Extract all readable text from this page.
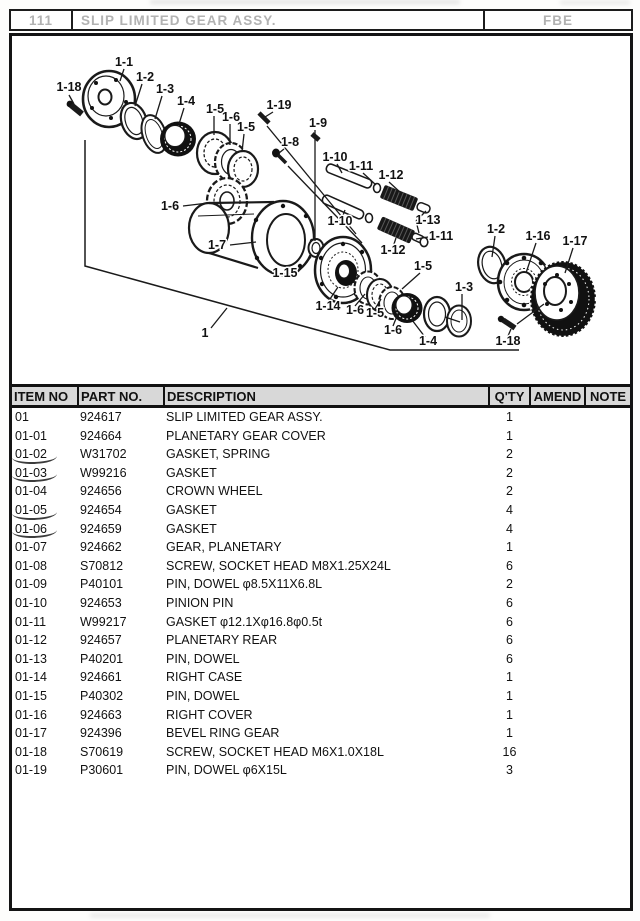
111	SLIP LIMITED GEAR ASSY.	FBE
1-18
1-1
1-2
1-3
1-4
1-5
1-6
1-5
1-19
1-9
1-8
1-10
1-11
1-12
1-10	1-13
1-11
1-12
1-6
1-7
1-15
1-14 1-6 1-5
1-6
1-4
1-3
1-2 1-16 1-17
1-18
1-5
1
ITEM NO	PART NO.	DESCRIPTION	Q'TY	AMEND	NOTE
01	924617	SLIP LIMITED GEAR ASSY.	1		
01-01	924664	PLANETARY GEAR COVER	1		
01-02	W31702	GASKET, SPRING	2		
01-03	W99216	GASKET	2		
01-04	924656	CROWN WHEEL	2		
01-05	924654	GASKET	4		
01-06	924659	GASKET	4		
01-07	924662	GEAR, PLANETARY	1		
01-08	S70812	SCREW, SOCKET HEAD M8X1.25X24L	6		
01-09	P40101	PIN, DOWEL φ8.5X11X6.8L	2		
01-10	924653	PINION PIN	6		
01-11	W99217	GASKET φ12.1Xφ16.8φ0.5t	6		
01-12	924657	PLANETARY REAR	6		
01-13	P40201	PIN, DOWEL	6		
01-14	924661	RIGHT CASE	1		
01-15	P40302	PIN, DOWEL	1		
01-16	924663	RIGHT COVER	1		
01-17	924396	BEVEL RING GEAR	1		
01-18	S70619	SCREW, SOCKET HEAD M6X1.0X18L	16		
01-19	P30601	PIN, DOWEL φ6X15L	3		
